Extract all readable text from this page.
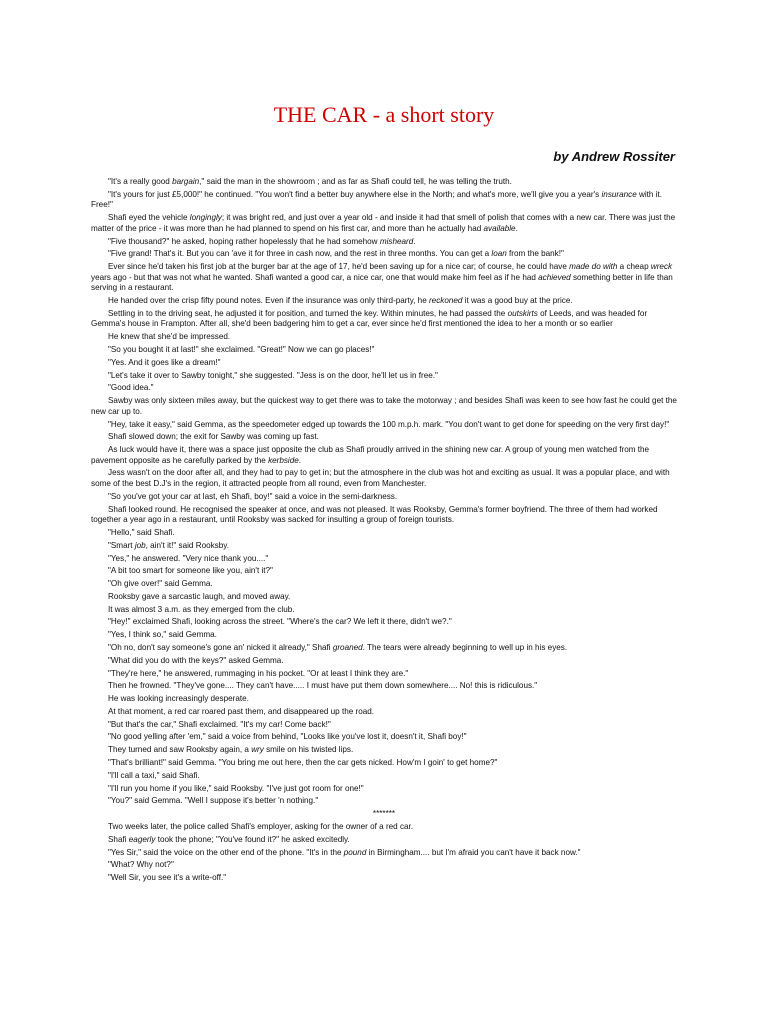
THE CAR - a short story
by Andrew Rossiter

"It's a really good bargain," said the man in the showroom ; and as far as Shafi could tell, he was telling the truth.

"It's yours for just £5,000!" he continued. "You won't find a better buy anywhere else in the North; and what's more, we'll give you a year's insurance with it. Free!"

Shafi eyed the vehicle longingly; it was bright red, and just over a year old - and inside it had that smell of polish that comes with a new car. There was just the matter of the price - it was more than he had planned to spend on his first car, and more than he actually had available.

"Five thousand?" he asked, hoping rather hopelessly that he had somehow misheard.

"Five grand! That's it. But you can 'ave it for three in cash now, and the rest in three months. You can get a loan from the bank!"

Ever since he'd taken his first job at the burger bar at the age of 17, he'd been saving up for a nice car; of course, he could have made do with a cheap wreck years ago - but that was not what he wanted. Shafi wanted a good car, a nice car, one that would make him feel as if he had achieved something better in life than serving in a restaurant.

He handed over the crisp fifty pound notes. Even if the insurance was only third-party, he reckoned it was a good buy at the price.

Settling in to the driving seat, he adjusted it for position, and turned the key. Within minutes, he had passed the outskirts of Leeds, and was headed for Gemma's house in Frampton. After all, she'd been badgering him to get a car, ever since he'd first mentioned the idea to her a month or so earlier

He knew that she'd be impressed.

"So you bought it at last!" she exclaimed. "Great!" Now we can go places!"

"Yes. And it goes like a dream!"

"Let's take it over to Sawby tonight," she suggested. "Jess is on the door, he'll let us in free."

"Good idea."

Sawby was only sixteen miles away, but the quickest way to get there was to take the motorway ; and besides Shafi was keen to see how fast he could get the new car up to.

"Hey, take it easy," said Gemma, as the speedometer edged up towards the 100 m.p.h. mark. "You don't want to get done for speeding on the very first day!"

Shafi slowed down; the exit for Sawby was coming up fast.

As luck would have it, there was a space just opposite the club as Shafi proudly arrived in the shining new car. A group of young men watched from the pavement opposite as he carefully parked by the kerbside.

Jess wasn't on the door after all, and they had to pay to get in; but the atmosphere in the club was hot and exciting as usual. It was a popular place, and with some of the best D.J's in the region, it attracted people from all round, even from Manchester.

"So you've got your car at last, eh Shafi, boy!" said a voice in the semi-darkness.

Shafi looked round. He recognised the speaker at once, and was not pleased. It was Rooksby, Gemma's former boyfriend. The three of them had worked together a year ago in a restaurant, until Rooksby was sacked for insulting a group of foreign tourists.

"Hello," said Shafi.

"Smart job, ain't it!" said Rooksby.

"Yes," he answered. "Very nice thank you...."

"A bit too smart for someone like you, ain't it?"

"Oh give over!" said Gemma.

Rooksby gave a sarcastic laugh, and moved away.

It was almost 3 a.m. as they emerged from the club.

"Hey!" exclaimed Shafi, looking across the street. "Where's the car? We left it there, didn't we?."

"Yes, I think so," said Gemma.

"Oh no, don't say someone's gone an' nicked it already," Shafi groaned. The tears were already beginning to well up in his eyes.

"What did you do with the keys?" asked Gemma.

"They're here," he answered, rummaging in his pocket. "Or at least I think they are."

Then he frowned. "They've gone.... They can't have..... I must have put them down somewhere.... No! this is ridiculous."

He was looking increasingly desperate.

At that moment, a red car roared past them, and disappeared up the road.

"But that's the car," Shafi exclaimed. "It's my car! Come back!"

"No good yelling after 'em," said a voice from behind, "Looks like you've lost it, doesn't it, Shafi boy!"

They turned and saw Rooksby again, a wry smile on his twisted lips.

"That's brilliant!" said Gemma. "You bring me out here, then the car gets nicked. How'm I goin' to get home?"

"I'll call a taxi," said Shafi.

"I'll run you home if you like," said Rooksby. "I've just got room for one!"

"You?" said Gemma. "Well I suppose it's better 'n nothing."

*******

Two weeks later, the police called Shafi's employer, asking for the owner of a red car.

Shafi eagerly took the phone; "You've found it?" he asked excitedly.

"Yes Sir," said the voice on the other end of the phone. "It's in the pound in Birmingham.... but I'm afraid you can't have it back now."

"What? Why not?"

"Well Sir, you see it's a write-off."
